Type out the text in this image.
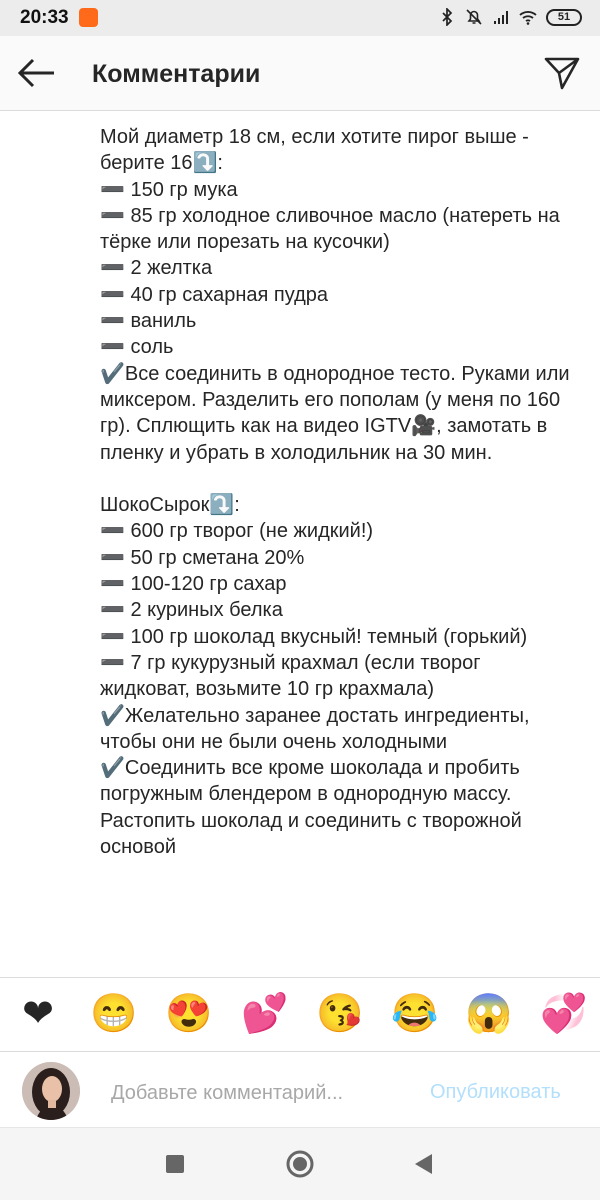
20:33	51
Комментарии
Мой диаметр 18 см, если хотите пирог выше - берите 16⤵️:
➖ 150 гр мука
➖ 85 гр холодное сливочное масло (натереть на тёрке или порезать на кусочки)
➖ 2 желтка
➖ 40 гр сахарная пудра
➖ ваниль
➖ соль
✔️Все соединить в однородное тесто. Руками или миксером. Разделить его пополам (у меня по 160 гр). Сплющить как на видео IGTV🎥, замотать в пленку и убрать в холодильник на 30 мин.

ШокоСырок⤵️:
➖ 600 гр творог (не жидкий!)
➖ 50 гр сметана 20%
➖ 100-120 гр сахар
➖ 2 куриных белка
➖ 100 гр шоколад вкусный! темный (горький)
➖ 7 гр кукурузный крахмал (если творог жидковат, возьмите 10 гр крахмала)
✔️Желательно заранее достать ингредиенты, чтобы они не были очень холодными
✔️Соединить все кроме шоколада и пробить погружным блендером в однородную массу. Растопить шоколад и соединить с творожной основой
❤ 😁 😍 💕 😘 😂 😱 💞
Добавьте комментарий...
Опубликовать
